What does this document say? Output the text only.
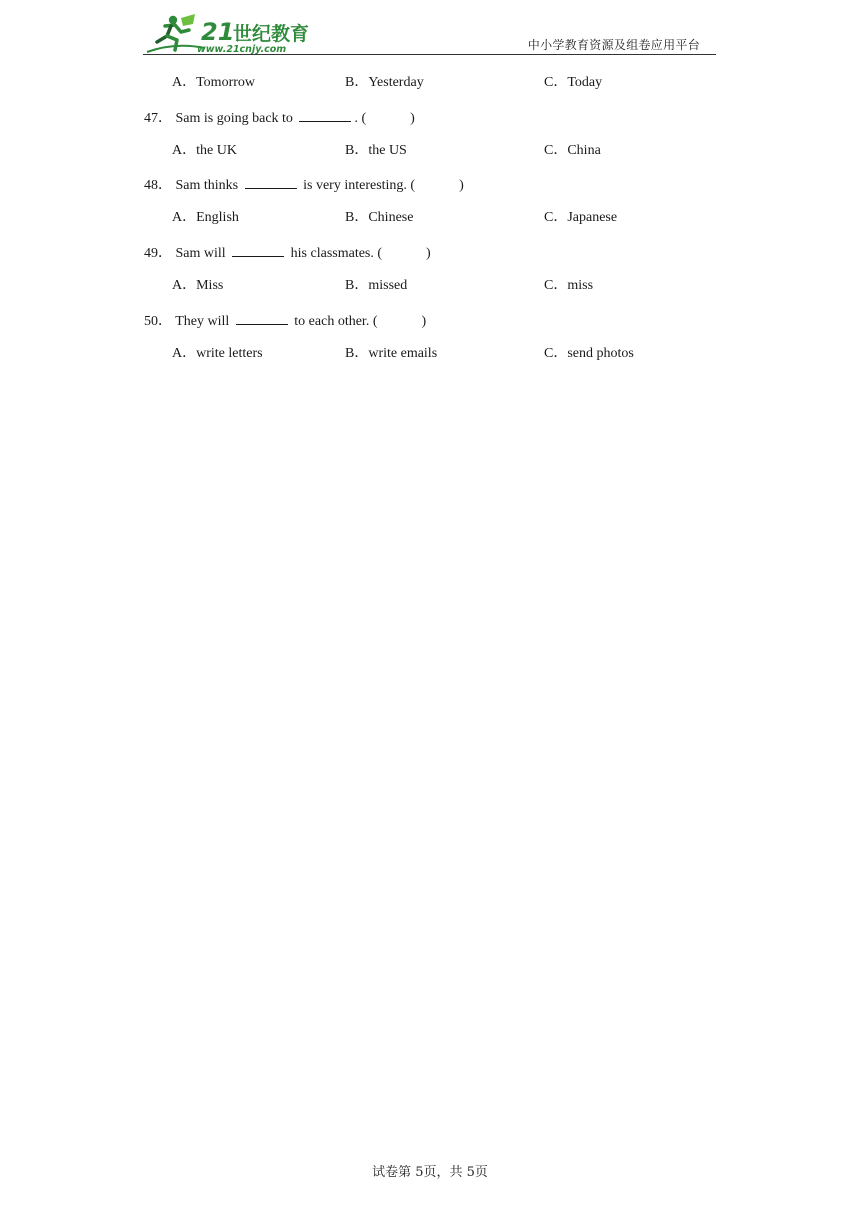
21
世纪教育
www.21cnjy.com	中小学教育资源及组卷应用平台
A．Tomorrow	B．Yesterday	C．Today
47． Sam is going back to	. (	)
A．the UK	B．the US	C．China
48． Sam thinks	is very interesting. (	)
A．English	B．Chinese	C．Japanese
49． Sam will	his classmates. (	)
A．Miss	B．missed	C．miss
50． They will	to each other. (	)
A．write letters	B．write emails	C．send photos
试卷第 5页，共 5页
